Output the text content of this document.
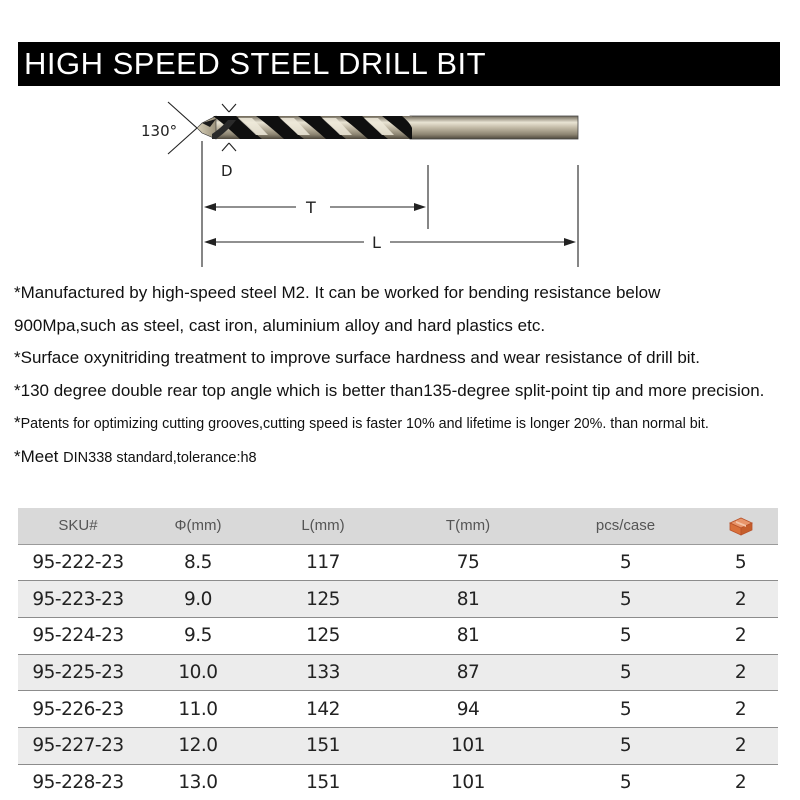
HIGH SPEED STEEL DRILL BIT
130°
D
T
L

*Manufactured by high-speed steel M2. It can be worked for bending resistance below

900Mpa,such as steel, cast iron, aluminium alloy and hard plastics etc.

*Surface oxynitriding treatment to improve surface hardness and wear resistance of drill bit.

*130 degree double rear top angle which is better than135-degree split-point tip and more precision.

*Patents for optimizing cutting grooves,cutting speed is faster 10% and lifetime is longer 20%. than normal bit.

*Meet DIN338 standard,tolerance:h8

SKU#	Φ(mm)	L(mm)	T(mm)	pcs/case	
95-222-23	8.5	117	75	5	5
95-223-23	9.0	125	81	5	2
95-224-23	9.5	125	81	5	2
95-225-23	10.0	133	87	5	2
95-226-23	11.0	142	94	5	2
95-227-23	12.0	151	101	5	2
95-228-23	13.0	151	101	5	2
